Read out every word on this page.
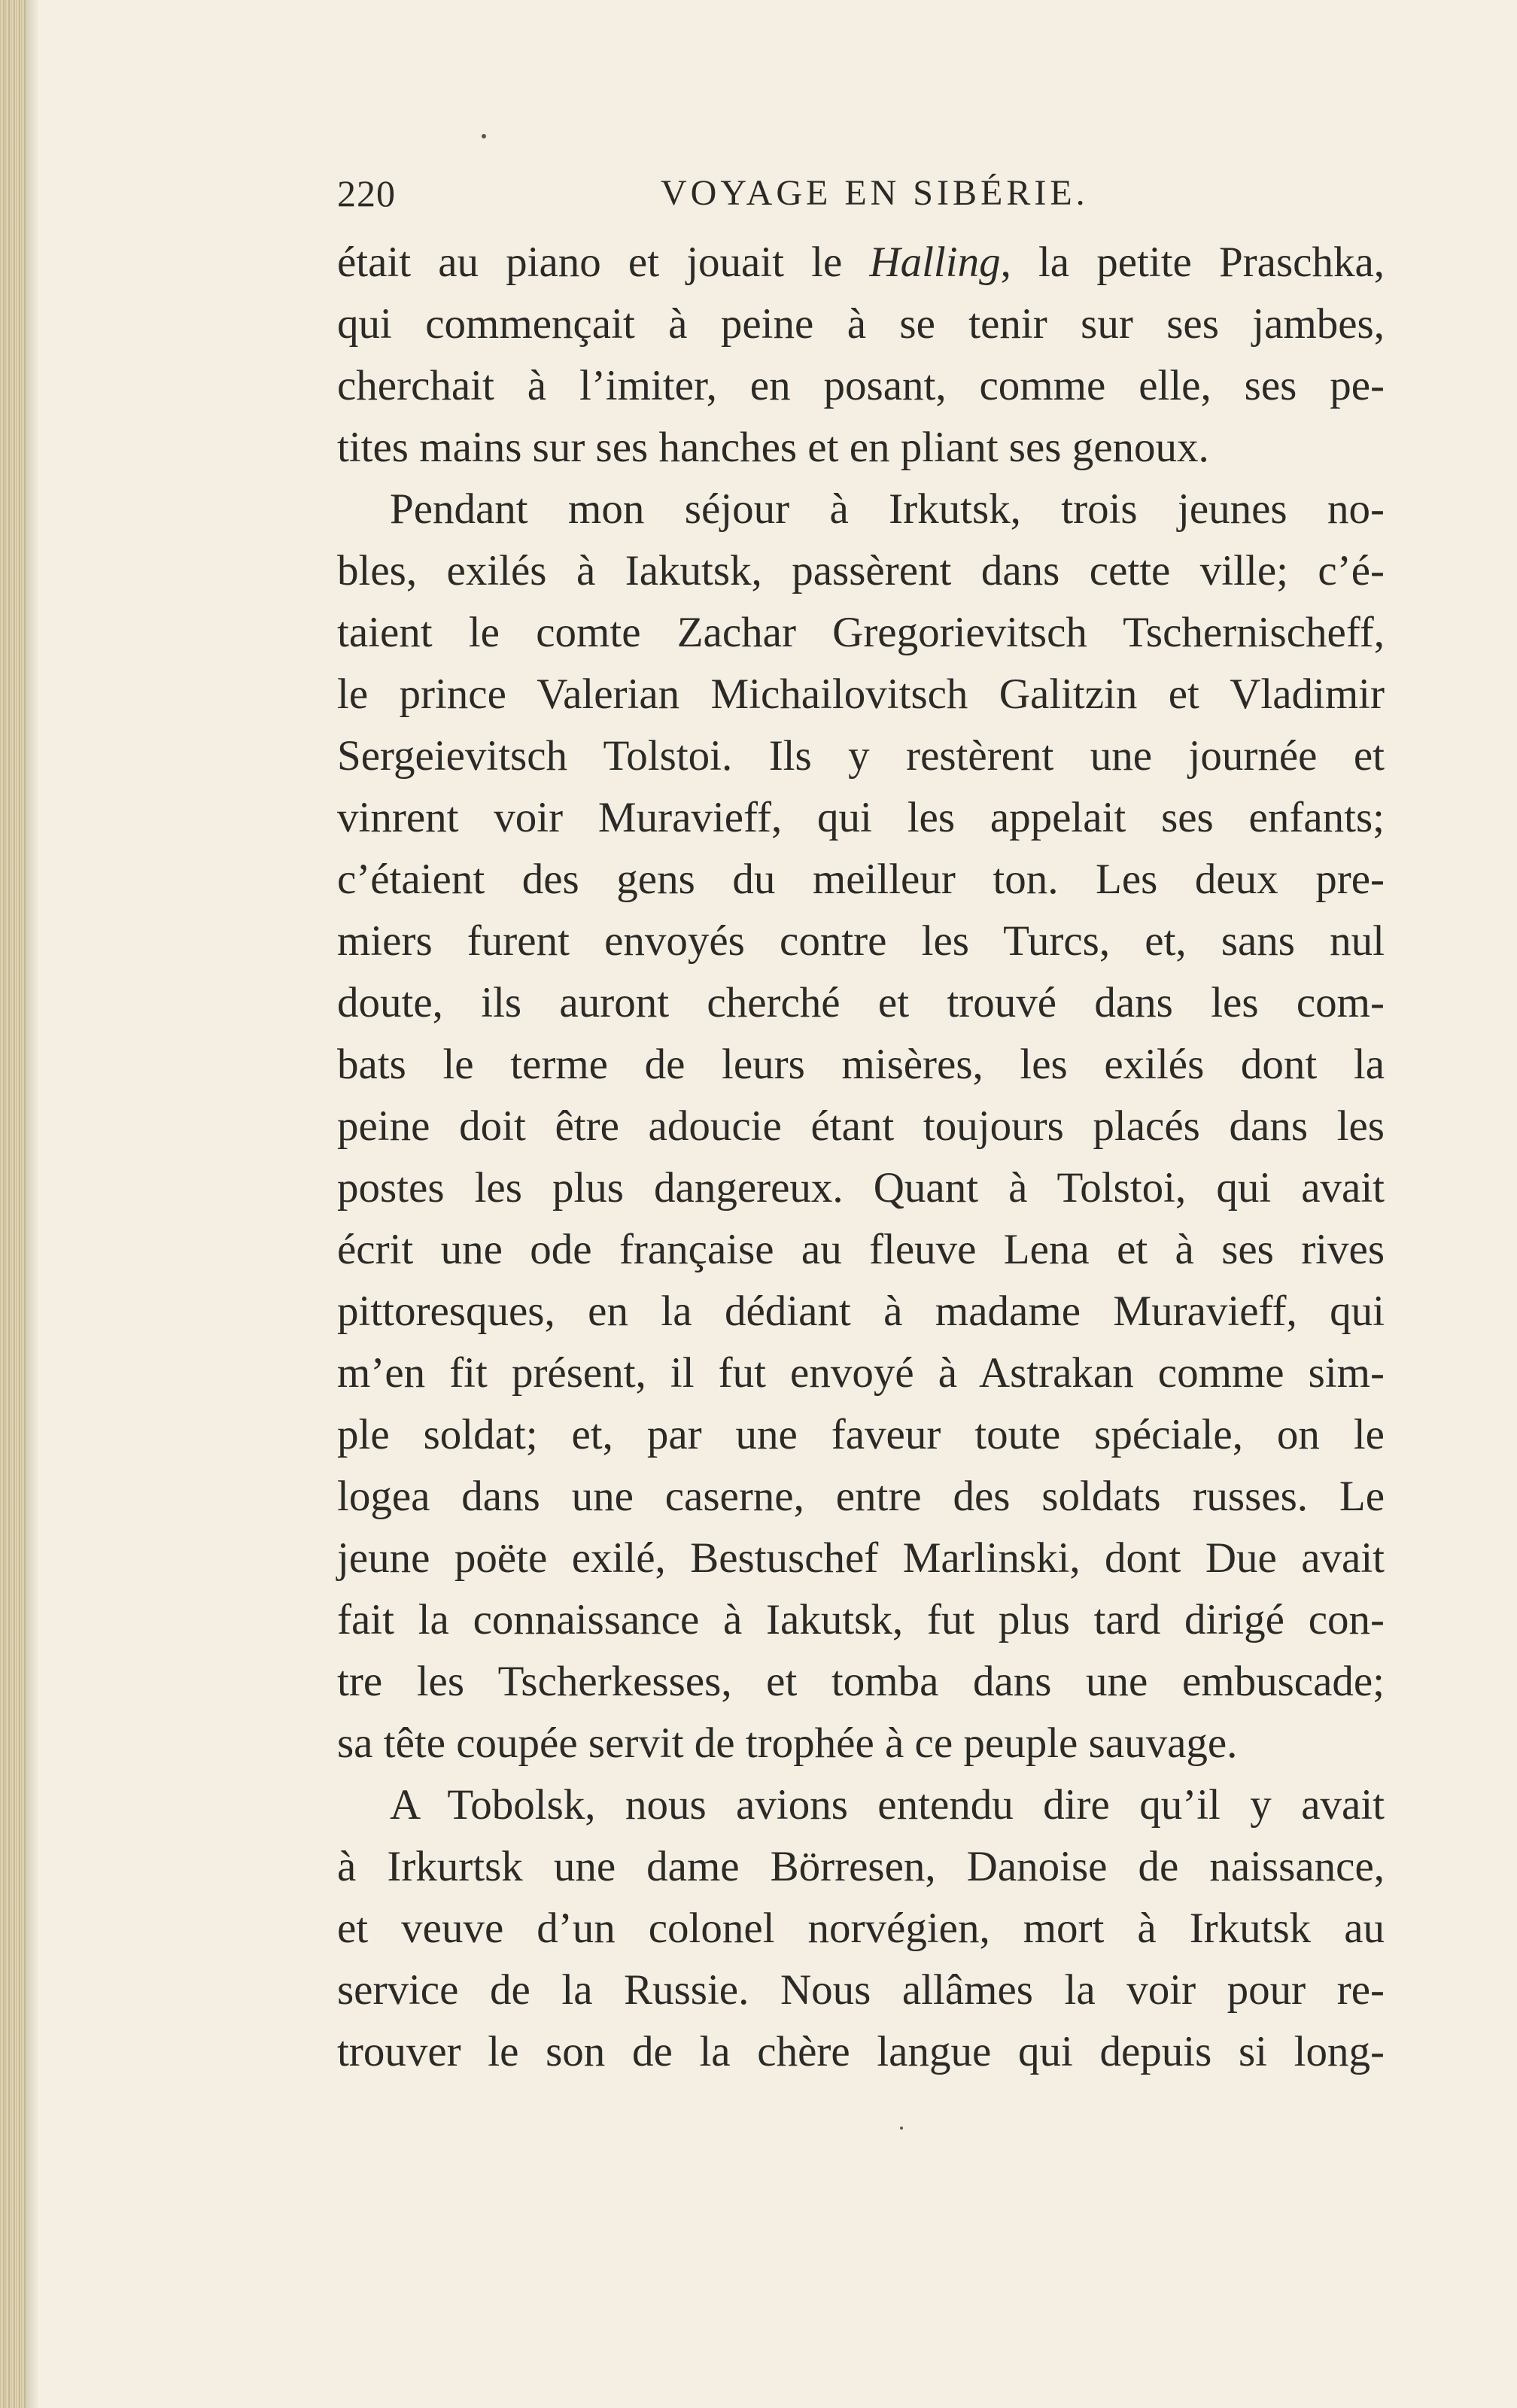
220	VOYAGE EN SIBÉRIE.
était au piano et jouait le Halling, la petite Praschka,
qui commençait à peine à se tenir sur ses jambes,
cherchait à l’imiter, en posant, comme elle, ses pe-
tites mains sur ses hanches et en pliant ses genoux.
Pendant mon séjour à Irkutsk, trois jeunes no-
bles, exilés à Iakutsk, passèrent dans cette ville; c’é-
taient le comte Zachar Gregorievitsch Tschernischeff,
le prince Valerian Michailovitsch Galitzin et Vladimir
Sergeievitsch Tolstoi. Ils y restèrent une journée et
vinrent voir Muravieff, qui les appelait ses enfants;
c’étaient des gens du meilleur ton. Les deux pre-
miers furent envoyés contre les Turcs, et, sans nul
doute, ils auront cherché et trouvé dans les com-
bats le terme de leurs misères, les exilés dont la
peine doit être adoucie étant toujours placés dans les
postes les plus dangereux. Quant à Tolstoi, qui avait
écrit une ode française au fleuve Lena et à ses rives
pittoresques, en la dédiant à madame Muravieff, qui
m’en fit présent, il fut envoyé à Astrakan comme sim-
ple soldat; et, par une faveur toute spéciale, on le
logea dans une caserne, entre des soldats russes. Le
jeune poëte exilé, Bestuschef Marlinski, dont Due avait
fait la connaissance à Iakutsk, fut plus tard dirigé con-
tre les Tscherkesses, et tomba dans une embuscade;
sa tête coupée servit de trophée à ce peuple sauvage.
A Tobolsk, nous avions entendu dire qu’il y avait
à Irkurtsk une dame Börresen, Danoise de naissance,
et veuve d’un colonel norvégien, mort à Irkutsk au
service de la Russie. Nous allâmes la voir pour re-
trouver le son de la chère langue qui depuis si long-
